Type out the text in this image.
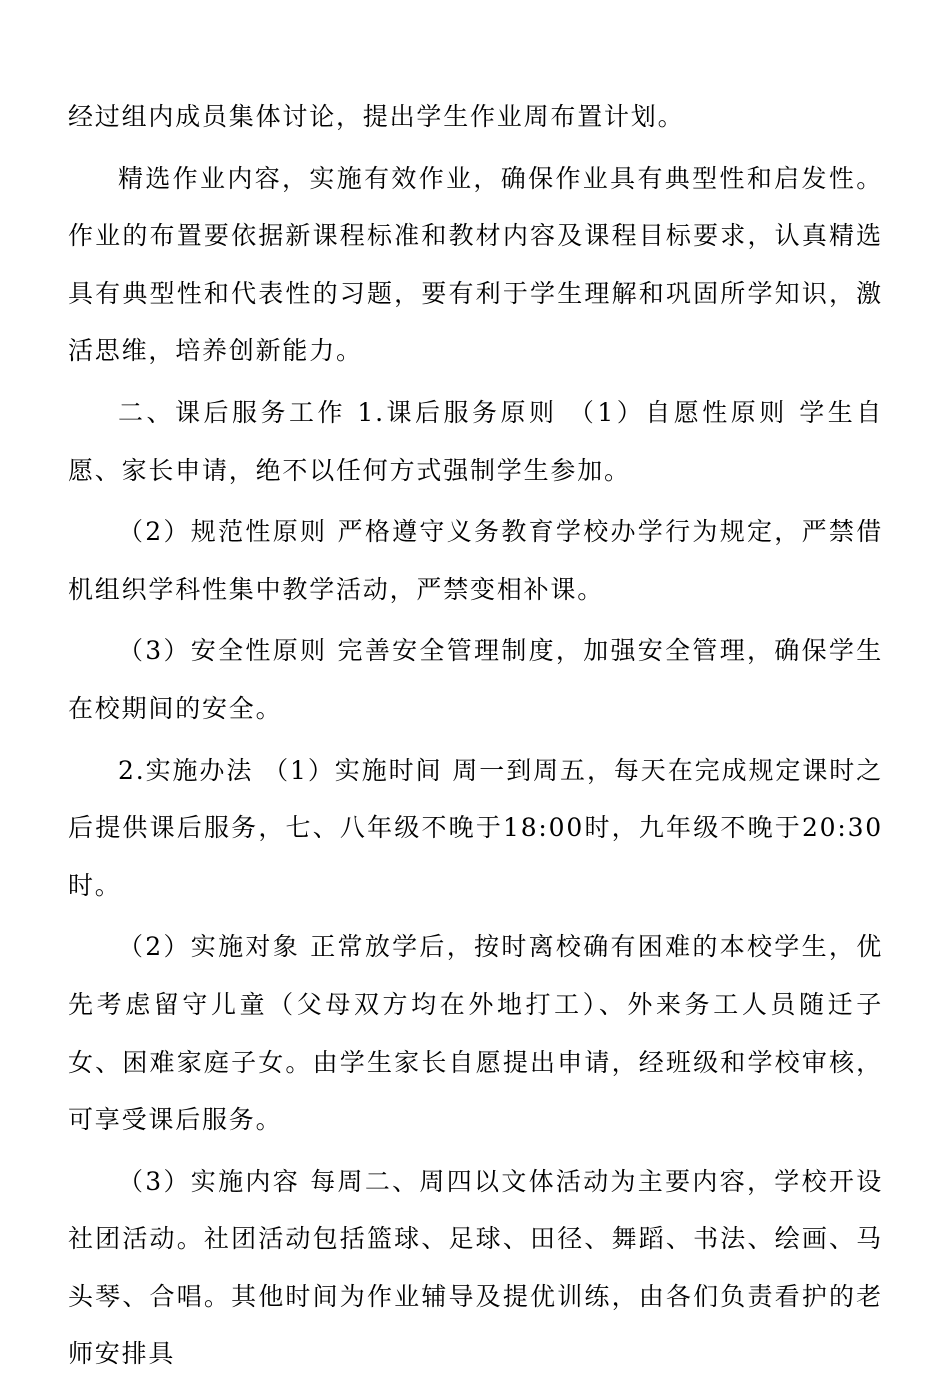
经过组内成员集体讨论，提出学生作业周布置计划。

精选作业内容，实施有效作业，确保作业具有典型性和启发性。作业的布置要依据新课程标准和教材内容及课程目标要求，认真精选具有典型性和代表性的习题，要有利于学生理解和巩固所学知识，激活思维，培养创新能力。

二、课后服务工作 1.课后服务原则 （1）自愿性原则 学生自愿、家长申请，绝不以任何方式强制学生参加。

（2）规范性原则 严格遵守义务教育学校办学行为规定，严禁借机组织学科性集中教学活动，严禁变相补课。

（3）安全性原则 完善安全管理制度，加强安全管理，确保学生在校期间的安全。

2.实施办法 （1）实施时间 周一到周五，每天在完成规定课时之后提供课后服务，七、八年级不晚于18:00时，九年级不晚于20:30时。

（2）实施对象 正常放学后，按时离校确有困难的本校学生，优先考虑留守儿童（父母双方均在外地打工）、外来务工人员随迁子女、困难家庭子女。由学生家长自愿提出申请，经班级和学校审核，可享受课后服务。

（3）实施内容 每周二、周四以文体活动为主要内容，学校开设社团活动。社团活动包括篮球、足球、田径、舞蹈、书法、绘画、马头琴、合唱。其他时间为作业辅导及提优训练，由各们负责看护的老师安排具
